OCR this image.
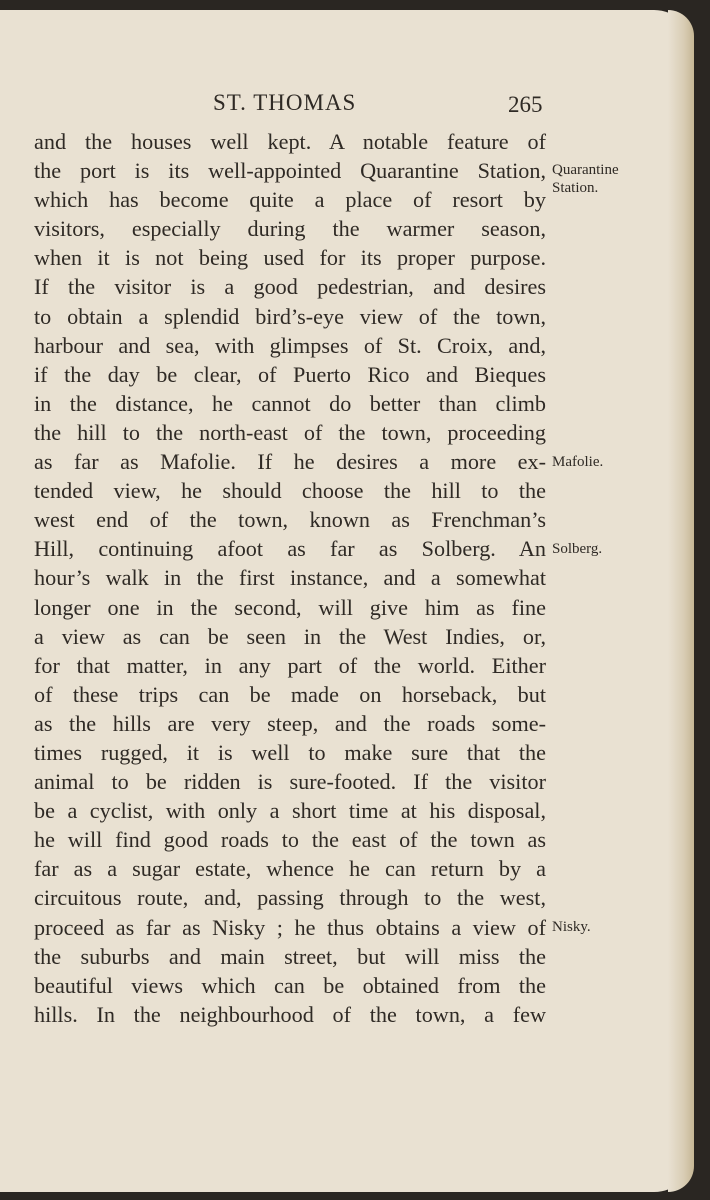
ST. THOMAS	265
and the houses well kept. A notable feature of
the port is its well-appointed Quarantine Station,
which has become quite a place of resort by
visitors, especially during the warmer season,
when it is not being used for its proper purpose.
If the visitor is a good pedestrian, and desires
to obtain a splendid bird’s-eye view of the town,
harbour and sea, with glimpses of St. Croix, and,
if the day be clear, of Puerto Rico and Bieques
in the distance, he cannot do better than climb
the hill to the north-east of the town, proceeding
as far as Mafolie. If he desires a more ex-
tended view, he should choose the hill to the
west end of the town, known as Frenchman’s
Hill, continuing afoot as far as Solberg. An
hour’s walk in the first instance, and a somewhat
longer one in the second, will give him as fine
a view as can be seen in the West Indies, or,
for that matter, in any part of the world. Either
of these trips can be made on horseback, but
as the hills are very steep, and the roads some-
times rugged, it is well to make sure that the
animal to be ridden is sure-footed. If the visitor
be a cyclist, with only a short time at his disposal,
he will find good roads to the east of the town as
far as a sugar estate, whence he can return by a
circuitous route, and, passing through to the west,
proceed as far as Nisky ; he thus obtains a view of
the suburbs and main street, but will miss the
beautiful views which can be obtained from the
hills. In the neighbourhood of the town, a few
Quarantine
Station.
Mafolie.
Solberg.
Nisky.
